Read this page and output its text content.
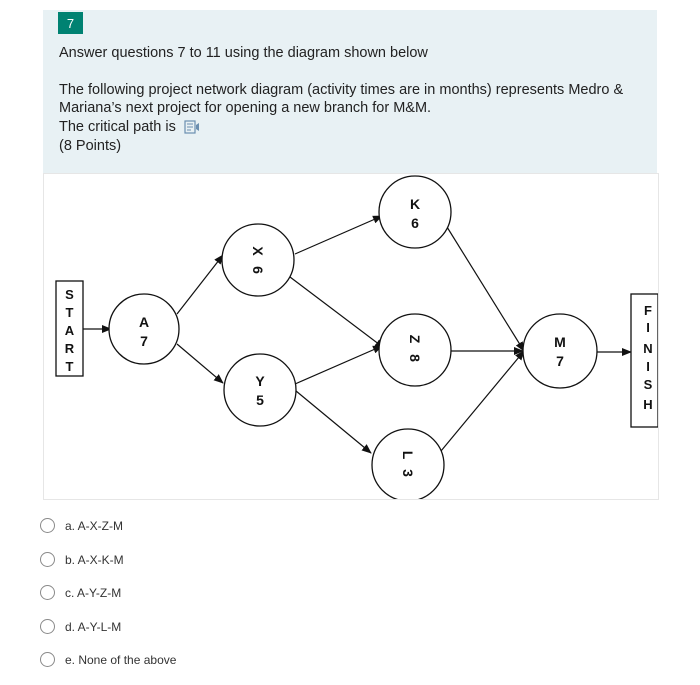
7
Answer questions 7 to 11 using the diagram shown below
The following project network diagram (activity times are in months) represents Medro & Mariana’s next project for opening a new branch for M&M.
The critical path is
(8 Points)
S
T
A
R
T
F
I
N
I
S
H
A
7
X
6
Y
5
K
6
Z
8
L
3
M
7
a. A-X-Z-M
b. A-X-K-M
c. A-Y-Z-M
d. A-Y-L-M
e. None of the above
